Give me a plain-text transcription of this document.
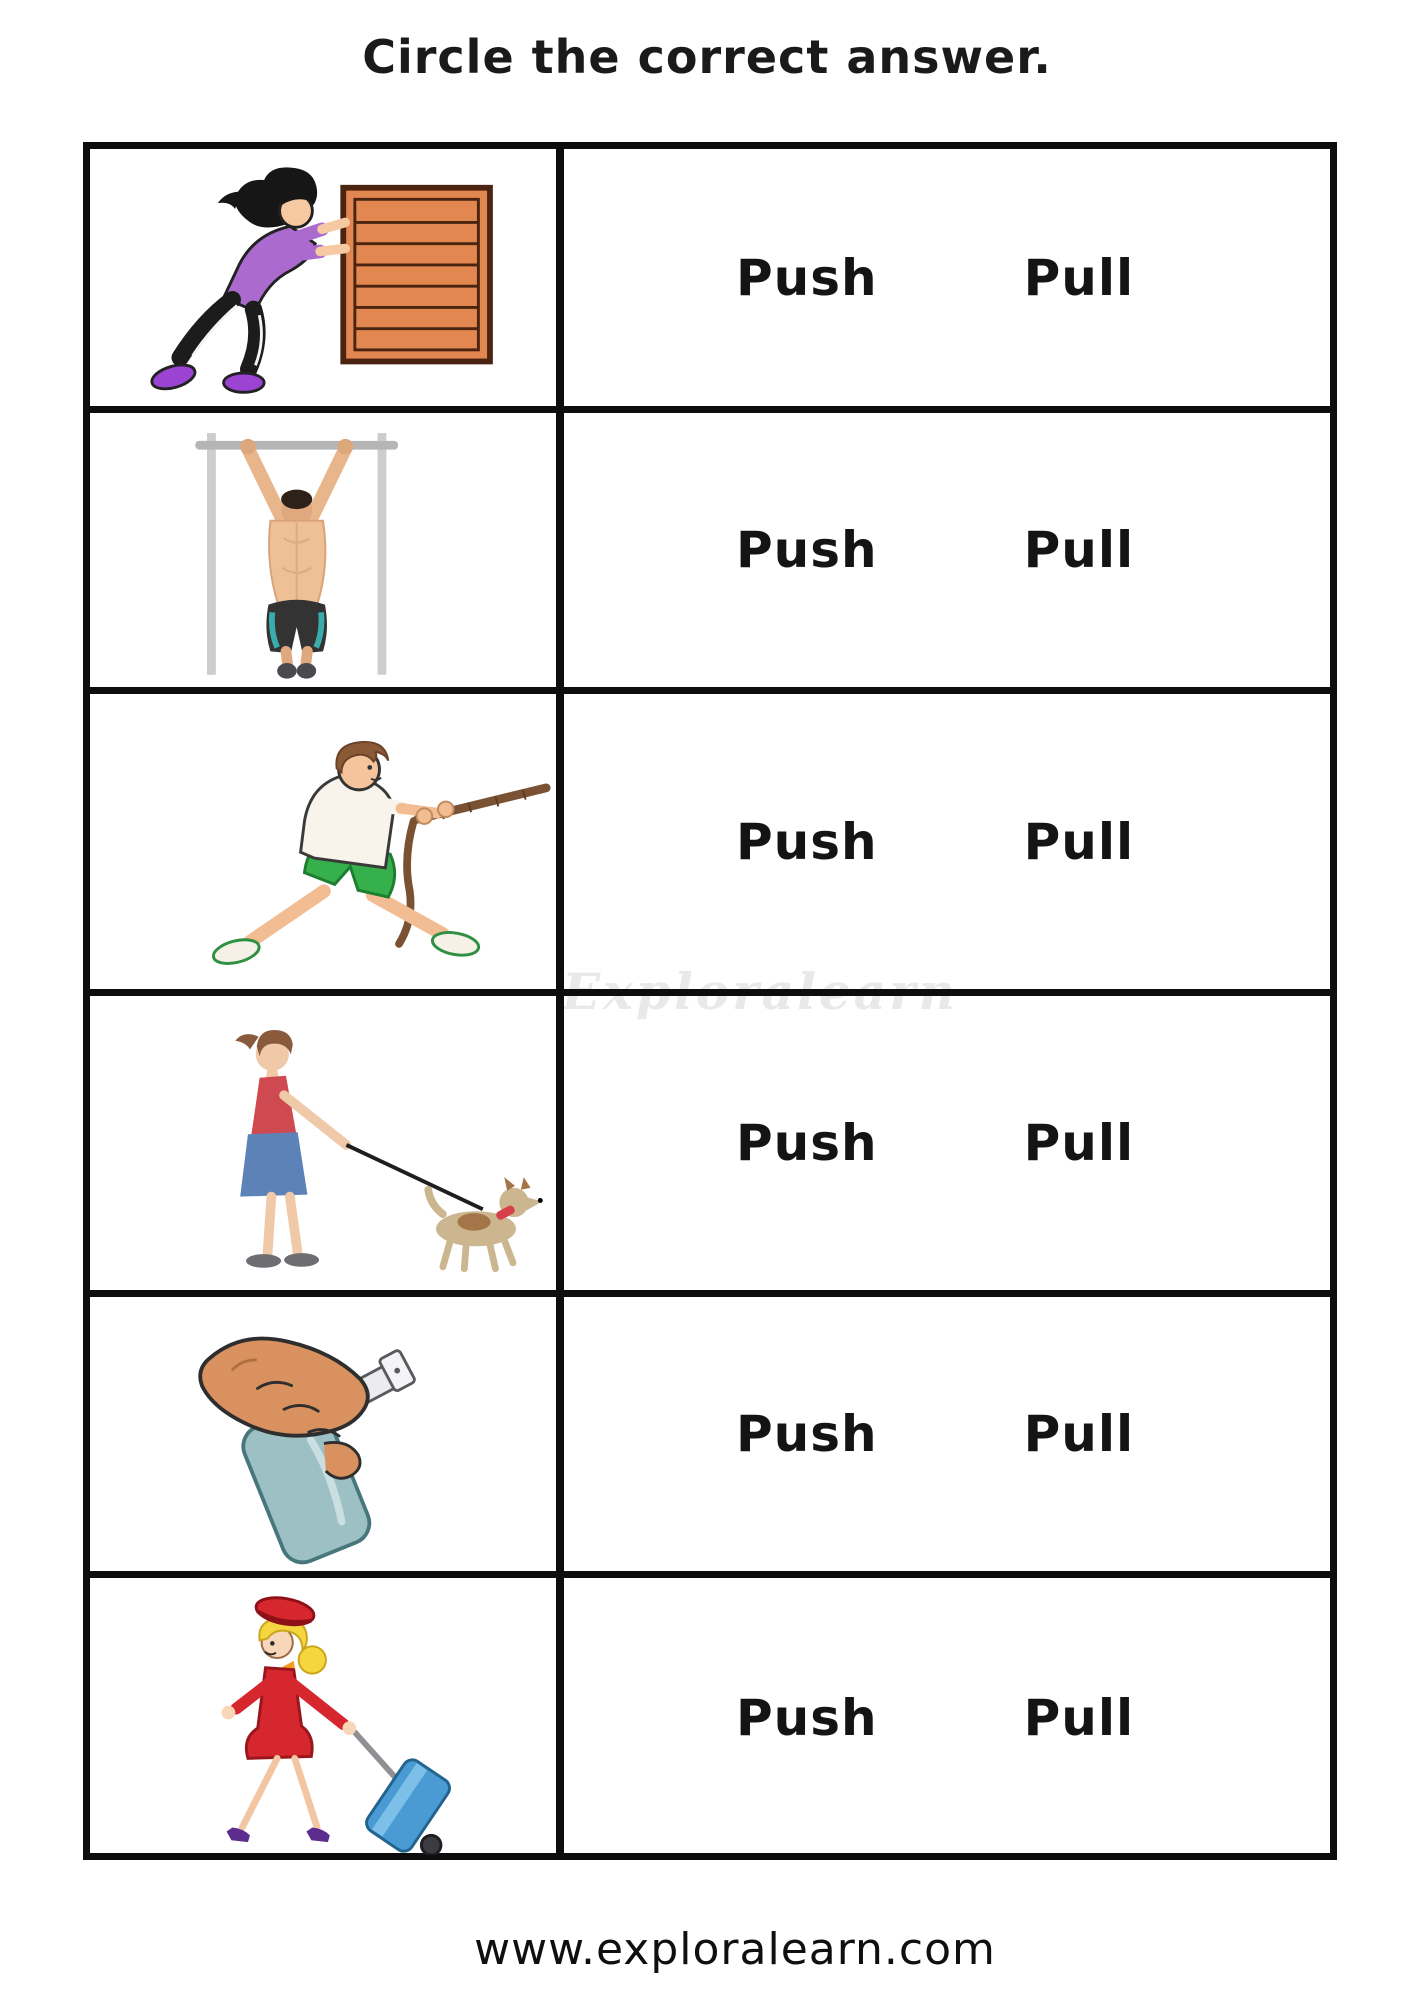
Circle the correct answer.
Exploralearn
Push	Pull
Push	Pull
Push	Pull
Push	Pull
Push	Pull
Push	Pull
www.exploralearn.com
